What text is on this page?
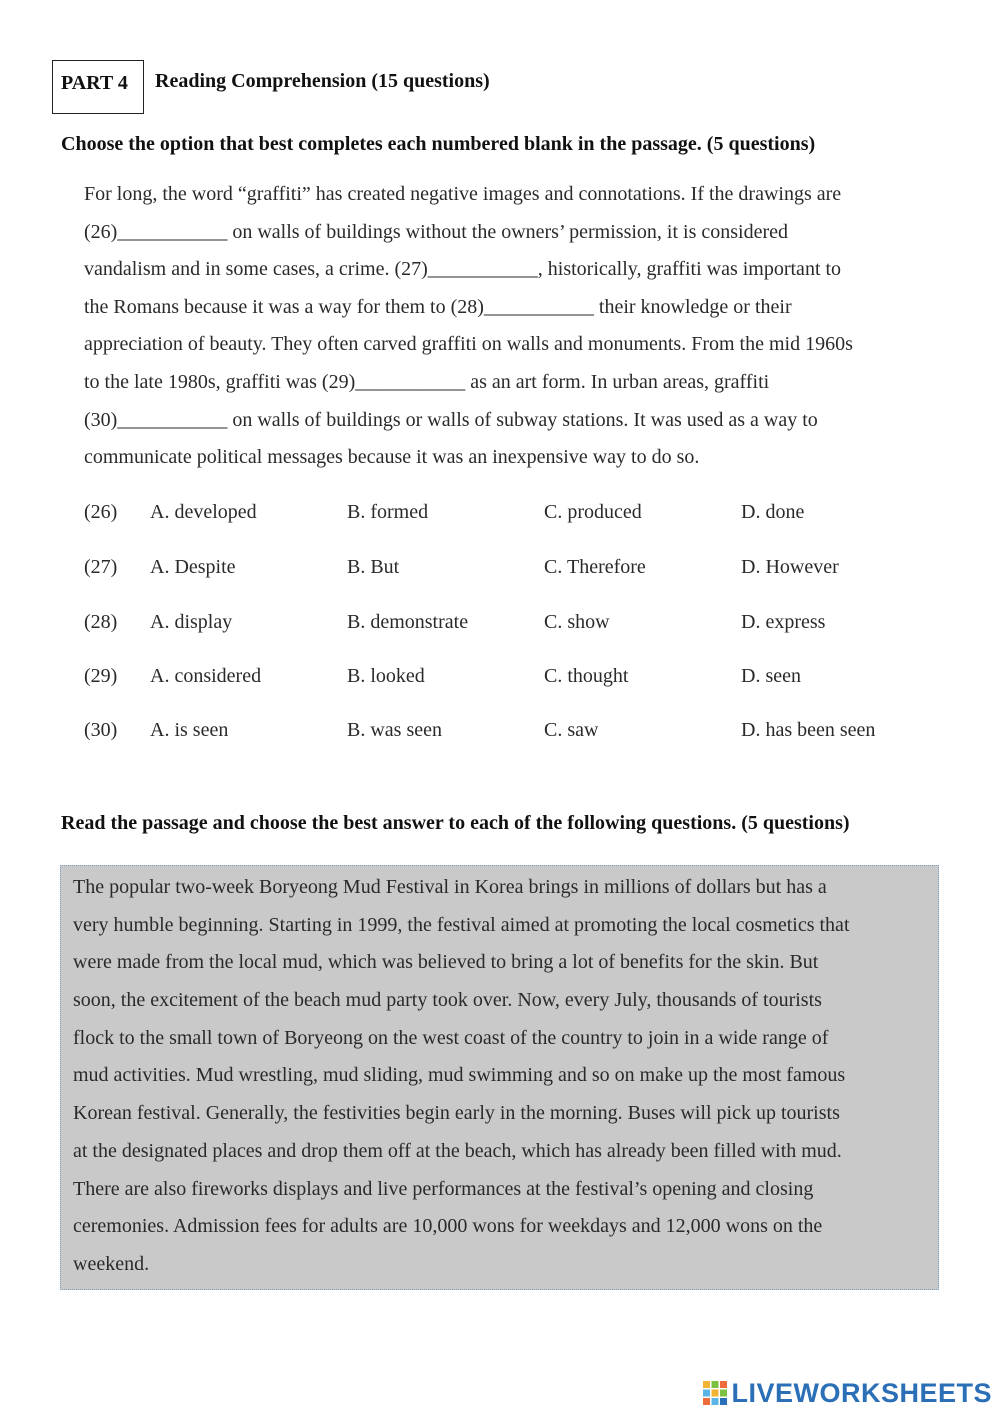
PART 4	Reading Comprehension (15 questions)
Choose the option that best completes each numbered blank in the passage. (5 questions)
For long, the word “graffiti” has created negative images and connotations. If the drawings are
(26)___________ on walls of buildings without the owners’ permission, it is considered
vandalism and in some cases, a crime. (27)___________, historically, graffiti was important to
the Romans because it was a way for them to (28)___________ their knowledge or their
appreciation of beauty. They often carved graffiti on walls and monuments. From the mid 1960s
to the late 1980s, graffiti was (29)___________ as an art form. In urban areas, graffiti
(30)___________ on walls of buildings or walls of subway stations. It was used as a way to
communicate political messages because it was an inexpensive way to do so.
(26) A. developed	B. formed	C. produced	D. done
(27) A. Despite	B. But	C. Therefore	D. However
(28) A. display	B. demonstrate	C. show	D. express
(29) A. considered	B. looked	C. thought	D. seen
(30) A. is seen	B. was seen	C. saw	D. has been seen
Read the passage and choose the best answer to each of the following questions. (5 questions)
The popular two-week Boryeong Mud Festival in Korea brings in millions of dollars but has a
very humble beginning. Starting in 1999, the festival aimed at promoting the local cosmetics that
were made from the local mud, which was believed to bring a lot of benefits for the skin. But
soon, the excitement of the beach mud party took over. Now, every July, thousands of tourists
flock to the small town of Boryeong on the west coast of the country to join in a wide range of
mud activities. Mud wrestling, mud sliding, mud swimming and so on make up the most famous
Korean festival. Generally, the festivities begin early in the morning. Buses will pick up tourists
at the designated places and drop them off at the beach, which has already been filled with mud.
There are also fireworks displays and live performances at the festival’s opening and closing
ceremonies. Admission fees for adults are 10,000 wons for weekdays and 12,000 wons on the
weekend.
LIVEWORKSHEETS
